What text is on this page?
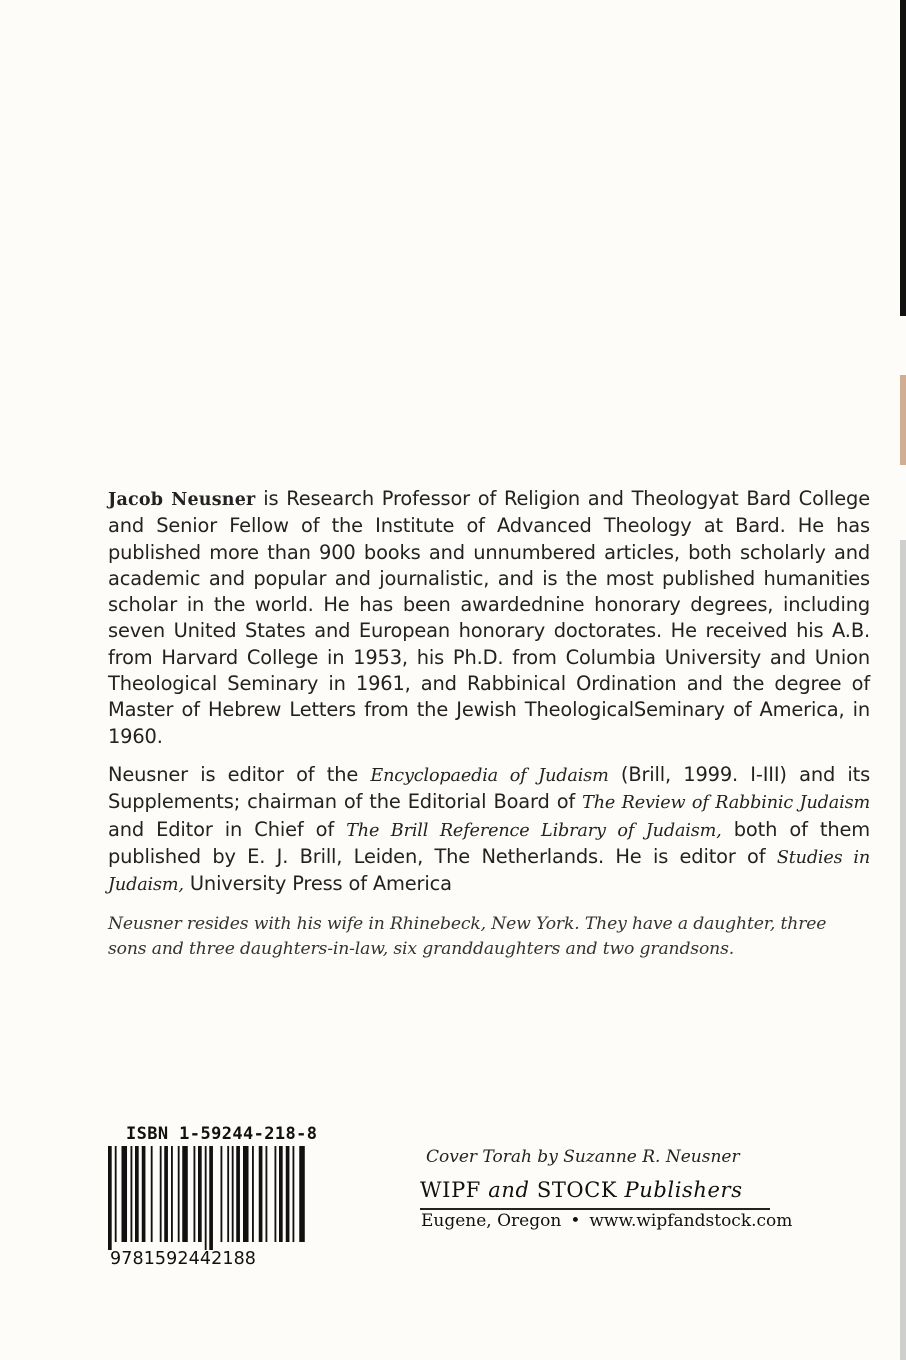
Jacob Neusner is Research Professor of Religion and Theologyat Bard College and Senior Fellow of the Institute of Advanced Theology at Bard. He has published more than 900 books and unnumbered articles, both scholarly and academic and popular and journalistic, and is the most published humanities scholar in the world. He has been awardednine honorary degrees, including seven United States and European honorary doctorates. He received his A.B. from Harvard College in 1953, his Ph.D. from Columbia University and Union Theological Seminary in 1961, and Rabbinical Ordination and the degree of Master of Hebrew Letters from the Jewish TheologicalSeminary of America, in 1960.

Neusner is editor of the Encyclopaedia of Judaism (Brill, 1999. I-III) and its Supplements; chairman of the Editorial Board of The Review of Rabbinic Judaism and Editor in Chief of The Brill Reference Library of Judaism, both of them published by E. J. Brill, Leiden, The Netherlands. He is editor of Studies in Judaism, University Press of America

Neusner resides with his wife in Rhinebeck, New York. They have a daughter, three sons and three daughters-in-law, six granddaughters and two grandsons.

ISBN 1-59244-218-8
9781592442188
Cover Torah by Suzanne R. Neusner
WIPF and STOCK Publishers
Eugene, Oregon • www.wipfandstock.com
